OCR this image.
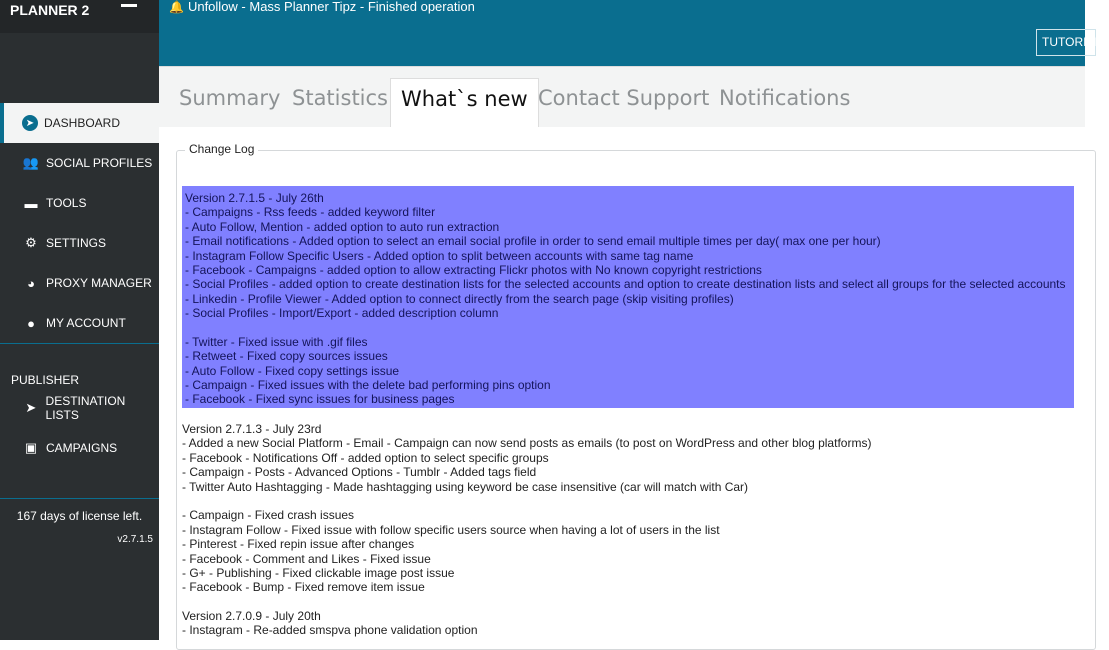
PLANNER 2
➤ DASHBOARD
👥 SOCIAL PROFILES
▬ TOOLS
⚙ SETTINGS
◕ PROXY MANAGER
● MY ACCOUNT
PUBLISHER
➤ DESTINATION LISTS
▣ CAMPAIGNS
167 days of license left.
v2.7.1.5
🔔 Unfollow - Mass Planner Tipz - Finished operation
TUTORIALS
Summary Statistics What`s new Contact Support Notifications
Change Log
Version 2.7.1.5 - July 26th
- Campaigns - Rss feeds - added keyword filter
- Auto Follow, Mention - added option to auto run extraction
- Email notifications - Added option to select an email social profile in order to send email multiple times per day( max one per hour)
- Instagram Follow Specific Users - Added option to split between accounts with same tag name
- Facebook - Campaigns - added option to allow extracting Flickr photos with No known copyright restrictions
- Social Profiles - added option to create destination lists for the selected accounts and option to create destination lists and select all groups for the selected accounts
- Linkedin - Profile Viewer - Added option to connect directly from the search page (skip visiting profiles)
- Social Profiles - Import/Export - added description column
- Twitter - Fixed issue with .gif files
- Retweet - Fixed copy sources issues
- Auto Follow - Fixed copy settings issue
- Campaign - Fixed issues with the delete bad performing pins option
- Facebook - Fixed sync issues for business pages
Version 2.7.1.3 - July 23rd
- Added a new Social Platform - Email - Campaign can now send posts as emails (to post on WordPress and other blog platforms)
- Facebook - Notifications Off - added option to select specific groups
- Campaign - Posts - Advanced Options - Tumblr - Added tags field
- Twitter Auto Hashtagging - Made hashtagging using keyword be case insensitive (car will match with Car)
- Campaign - Fixed crash issues
- Instagram Follow - Fixed issue with follow specific users source when having a lot of users in the list
- Pinterest - Fixed repin issue after changes
- Facebook - Comment and Likes - Fixed issue
- G+ - Publishing - Fixed clickable image post issue
- Facebook - Bump - Fixed remove item issue
Version 2.7.0.9 - July 20th
- Instagram - Re-added smspva phone validation option
